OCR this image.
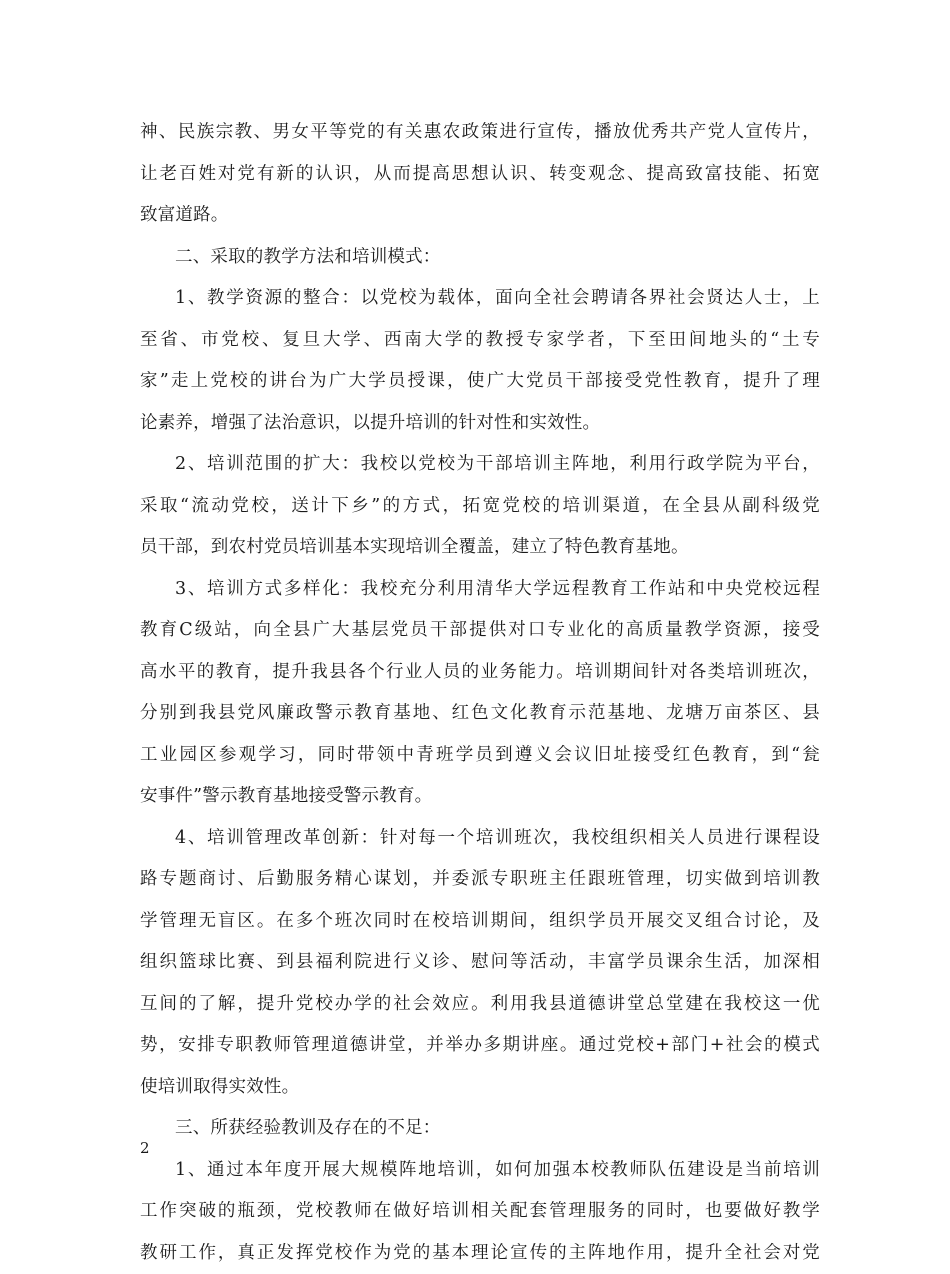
神、民族宗教、男女平等党的有关惠农政策进行宣传，播放优秀共产党人宣传片，
让老百姓对党有新的认识，从而提高思想认识、转变观念、提高致富技能、拓宽
致富道路。
二、采取的教学方法和培训模式：
1、教学资源的整合：以党校为载体，面向全社会聘请各界社会贤达人士，上
至省、市党校、复旦大学、西南大学的教授专家学者，下至田间地头的“土专
家”走上党校的讲台为广大学员授课，使广大党员干部接受党性教育，提升了理
论素养，增强了法治意识，以提升培训的针对性和实效性。
2、培训范围的扩大：我校以党校为干部培训主阵地，利用行政学院为平台，
采取“流动党校，送计下乡”的方式，拓宽党校的培训渠道，在全县从副科级党
员干部，到农村党员培训基本实现培训全覆盖，建立了特色教育基地。
3、培训方式多样化：我校充分利用清华大学远程教育工作站和中央党校远程
教育C级站，向全县广大基层党员干部提供对口专业化的高质量教学资源，接受
高水平的教育，提升我县各个行业人员的业务能力。培训期间针对各类培训班次，
分别到我县党风廉政警示教育基地、红色文化教育示范基地、龙塘万亩茶区、县
工业园区参观学习，同时带领中青班学员到遵义会议旧址接受红色教育，到“瓮
安事件”警示教育基地接受警示教育。
4、培训管理改革创新：针对每一个培训班次，我校组织相关人员进行课程设
路专题商讨、后勤服务精心谋划，并委派专职班主任跟班管理，切实做到培训教
学管理无盲区。在多个班次同时在校培训期间，组织学员开展交叉组合讨论，及
组织篮球比赛、到县福利院进行义诊、慰问等活动，丰富学员课余生活，加深相
互间的了解，提升党校办学的社会效应。利用我县道德讲堂总堂建在我校这一优
势，安排专职教师管理道德讲堂，并举办多期讲座。通过党校+部门+社会的模式
使培训取得实效性。
三、所获经验教训及存在的不足：
1、通过本年度开展大规模阵地培训，如何加强本校教师队伍建设是当前培训
工作突破的瓶颈，党校教师在做好培训相关配套管理服务的同时，也要做好教学
教研工作，真正发挥党校作为党的基本理论宣传的主阵地作用，提升全社会对党
2
